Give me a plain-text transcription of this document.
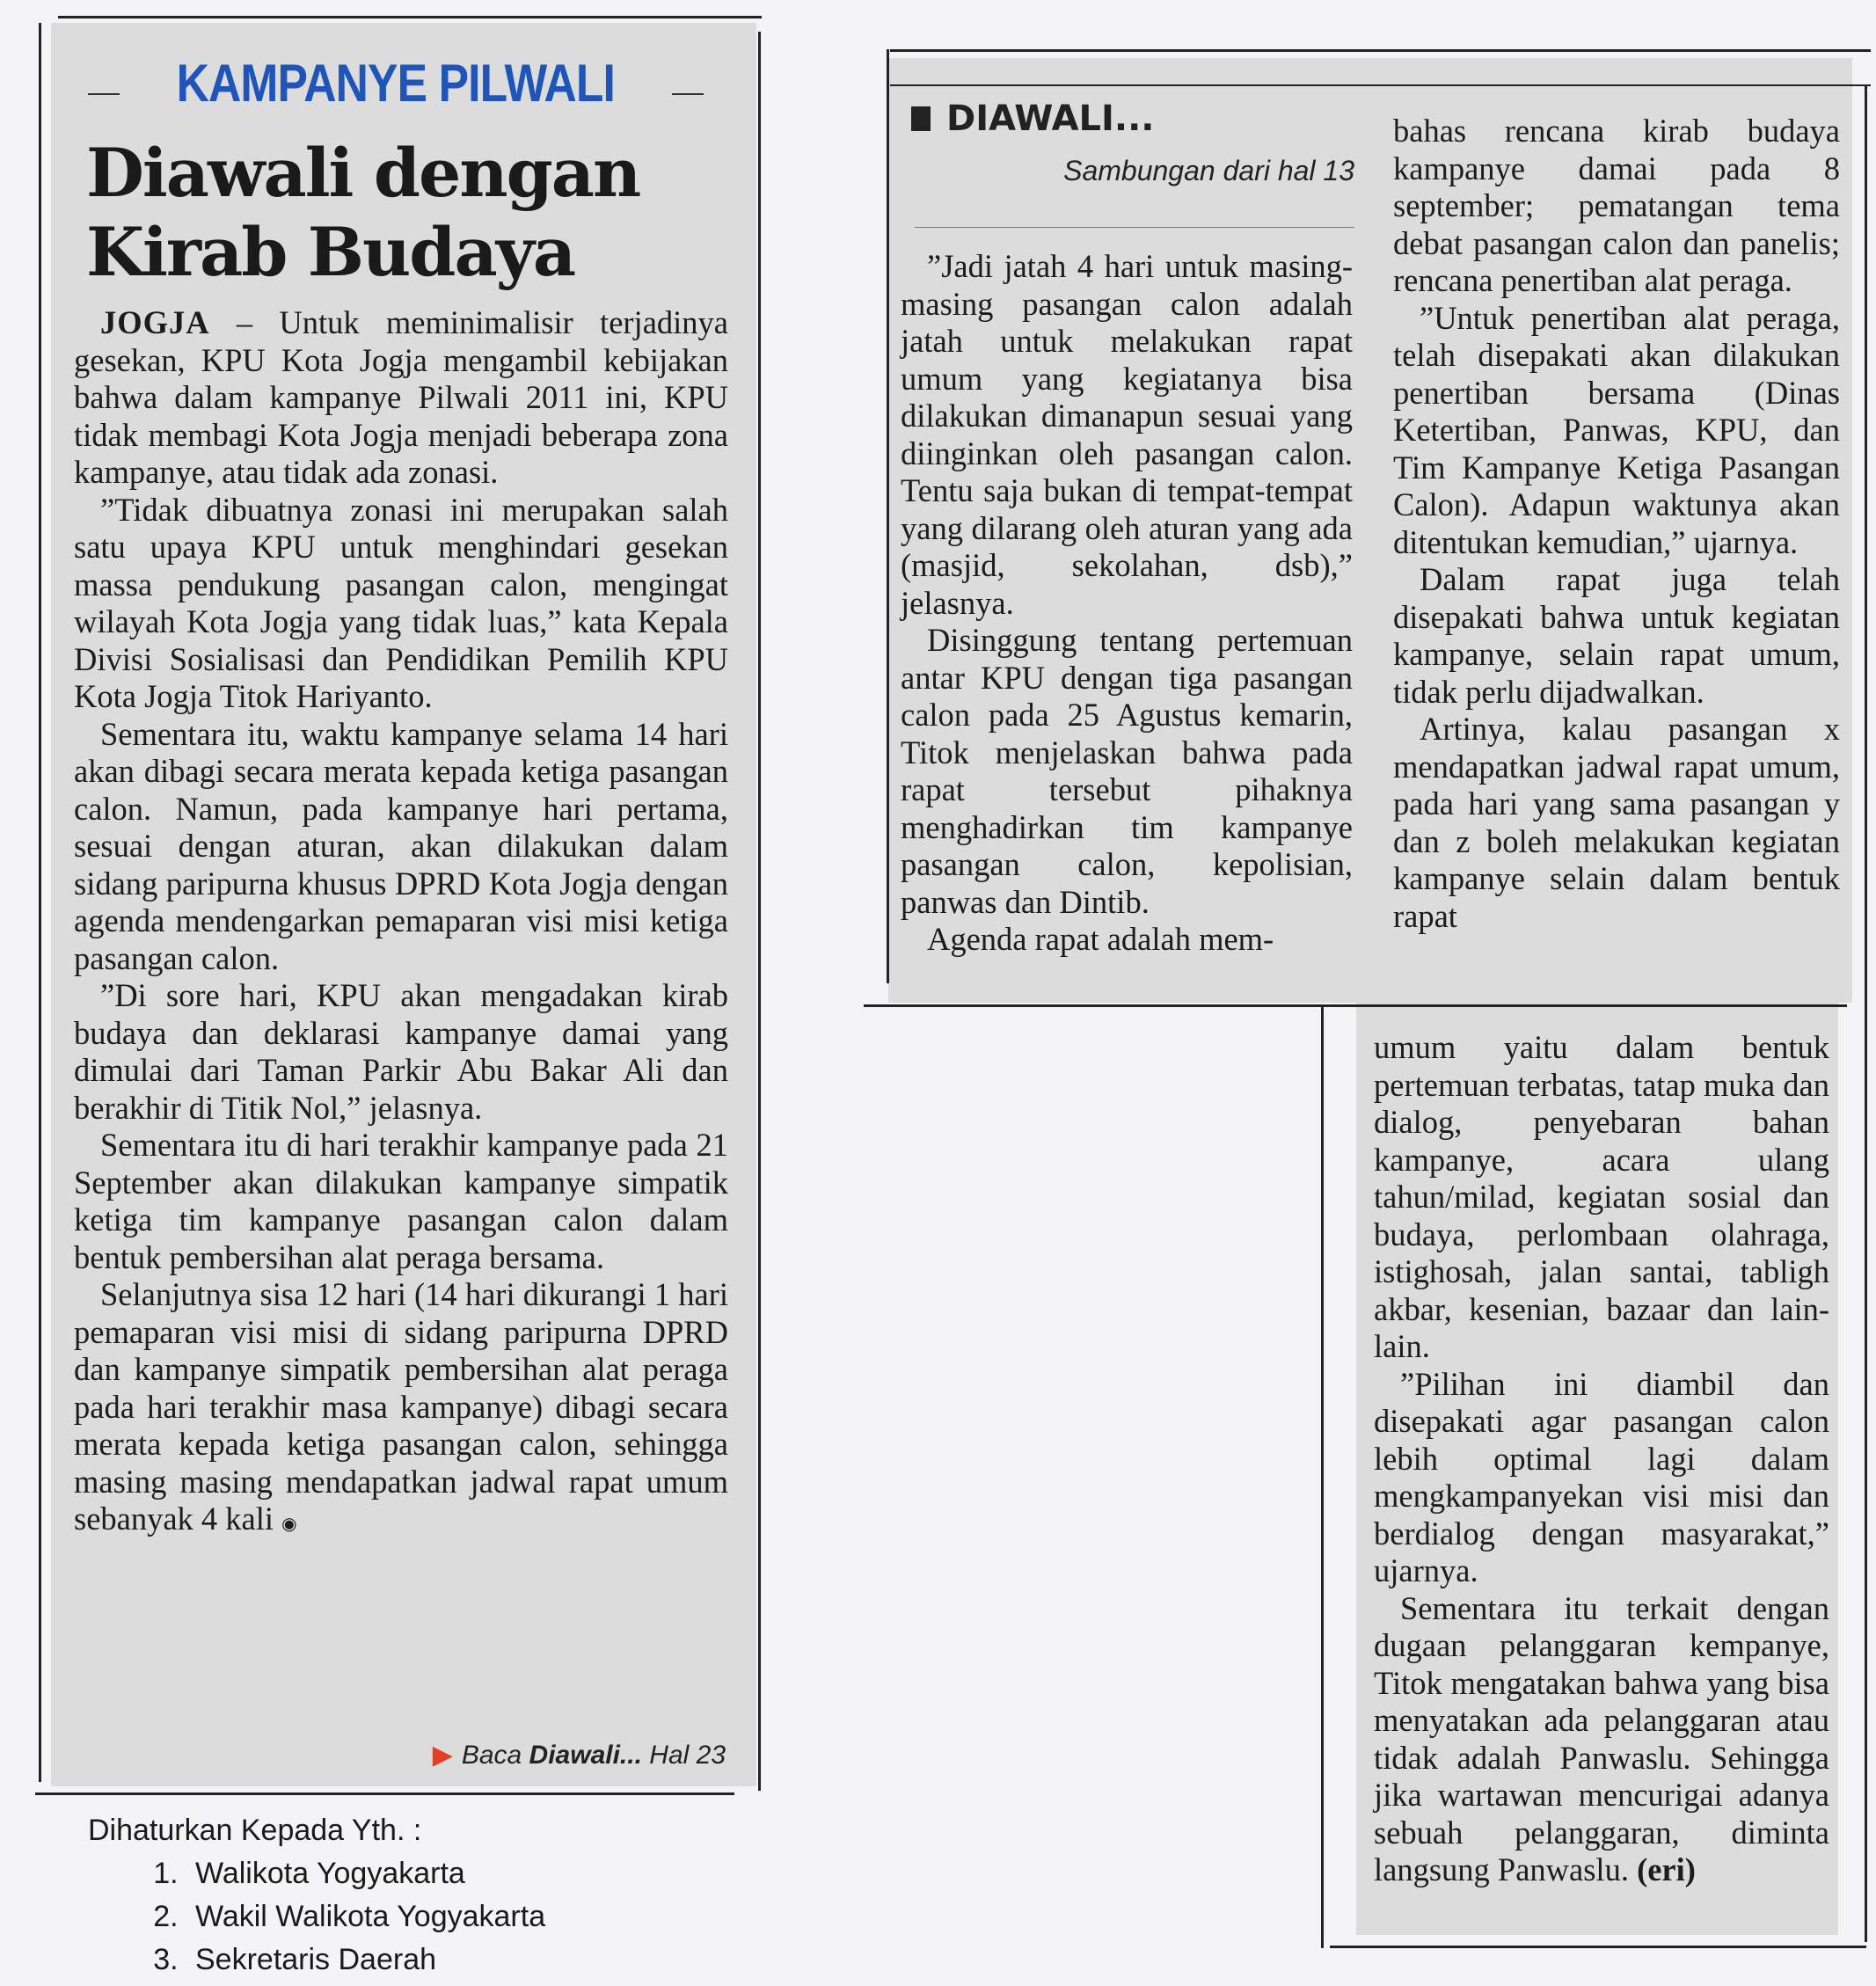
KAMPANYE PILWALI
Diawali dengan
Kirab Budaya

JOGJA – Untuk meminimalisir terjadinya gesekan, KPU Kota Jogja mengambil kebijakan bahwa dalam kampanye Pilwali 2011 ini, KPU tidak membagi Kota Jogja menjadi beberapa zona kampanye, atau tidak ada zonasi.

”Tidak dibuatnya zonasi ini merupakan salah satu upaya KPU untuk menghindari gesekan massa pendukung pasangan calon, mengingat wilayah Kota Jogja yang tidak luas,” kata Kepala Divisi Sosialisasi dan Pendidikan Pemilih KPU Kota Jogja Titok Hariyanto.

Sementara itu, waktu kampanye selama 14 hari akan dibagi secara merata kepada ketiga pasangan calon. Namun, pada kampanye hari pertama, sesuai dengan aturan, akan dilakukan dalam sidang paripurna khusus DPRD Kota Jogja dengan agenda mendengarkan pemaparan visi misi ketiga pasangan calon.

”Di sore hari, KPU akan mengadakan kirab budaya dan deklarasi kampanye damai yang dimulai dari Taman Parkir Abu Bakar Ali dan berakhir di Titik Nol,” jelasnya.

Sementara itu di hari terakhir kampanye pada 21 September akan dilakukan kampanye simpatik ketiga tim kampanye pasangan calon dalam bentuk pembersihan alat peraga bersama.

Selanjutnya sisa 12 hari (14 hari dikurangi 1 hari pemaparan visi misi di sidang paripurna DPRD dan kampanye simpatik pembersihan alat peraga pada hari terakhir masa kampanye) dibagi secara merata kepada ketiga pasangan calon, sehingga masing masing mendapatkan jadwal rapat umum sebanyak 4 kali ◉

▶ Baca Diawali... Hal 23
DIAWALI...
Sambungan dari hal 13

”Jadi jatah 4 hari untuk masing-masing pasangan calon adalah jatah untuk melakukan rapat umum yang kegiatanya bisa dilakukan dimanapun sesuai yang diinginkan oleh pasangan calon. Tentu saja bukan di tempat-tempat yang dilarang oleh aturan yang ada (masjid, sekolahan, dsb),” jelasnya.

Disinggung tentang pertemuan antar KPU dengan tiga pasangan calon pada 25 Agustus kemarin, Titok menjelaskan bahwa pada rapat tersebut pihaknya menghadirkan tim kampanye pasangan calon, kepolisian, panwas dan Dintib.

Agenda rapat adalah mem-

bahas rencana kirab budaya kampanye damai pada 8 september; pematangan tema debat pasangan calon dan panelis; rencana penertiban alat peraga.

”Untuk penertiban alat peraga, telah disepakati akan dilakukan penertiban bersama (Dinas Ketertiban, Panwas, KPU, dan Tim Kampanye Ketiga Pasangan Calon). Adapun waktunya akan ditentukan kemudian,” ujarnya.

Dalam rapat juga telah disepakati bahwa untuk kegiatan kampanye, selain rapat umum, tidak perlu dijadwalkan.

Artinya, kalau pasangan x mendapatkan jadwal rapat umum, pada hari yang sama pasangan y dan z boleh melakukan kegiatan kampanye selain dalam bentuk rapat

umum yaitu dalam bentuk pertemuan terbatas, tatap muka dan dialog, penyebaran bahan kampanye, acara ulang tahun/milad, kegiatan sosial dan budaya, perlombaan olahraga, istighosah, jalan santai, tabligh akbar, kesenian, bazaar dan lain-lain.

”Pilihan ini diambil dan disepakati agar pasangan calon lebih optimal lagi dalam mengkampanyekan visi misi dan berdialog dengan masyarakat,” ujarnya.

Sementara itu terkait dengan dugaan pelanggaran kempanye, Titok mengatakan bahwa yang bisa menyatakan ada pelanggaran atau tidak adalah Panwaslu. Sehingga jika wartawan mencurigai adanya sebuah pelanggaran, diminta langsung Panwaslu. (eri)

Dihaturkan Kepada Yth. :
1. Walikota Yogyakarta
2. Wakil Walikota Yogyakarta
3. Sekretaris Daerah
